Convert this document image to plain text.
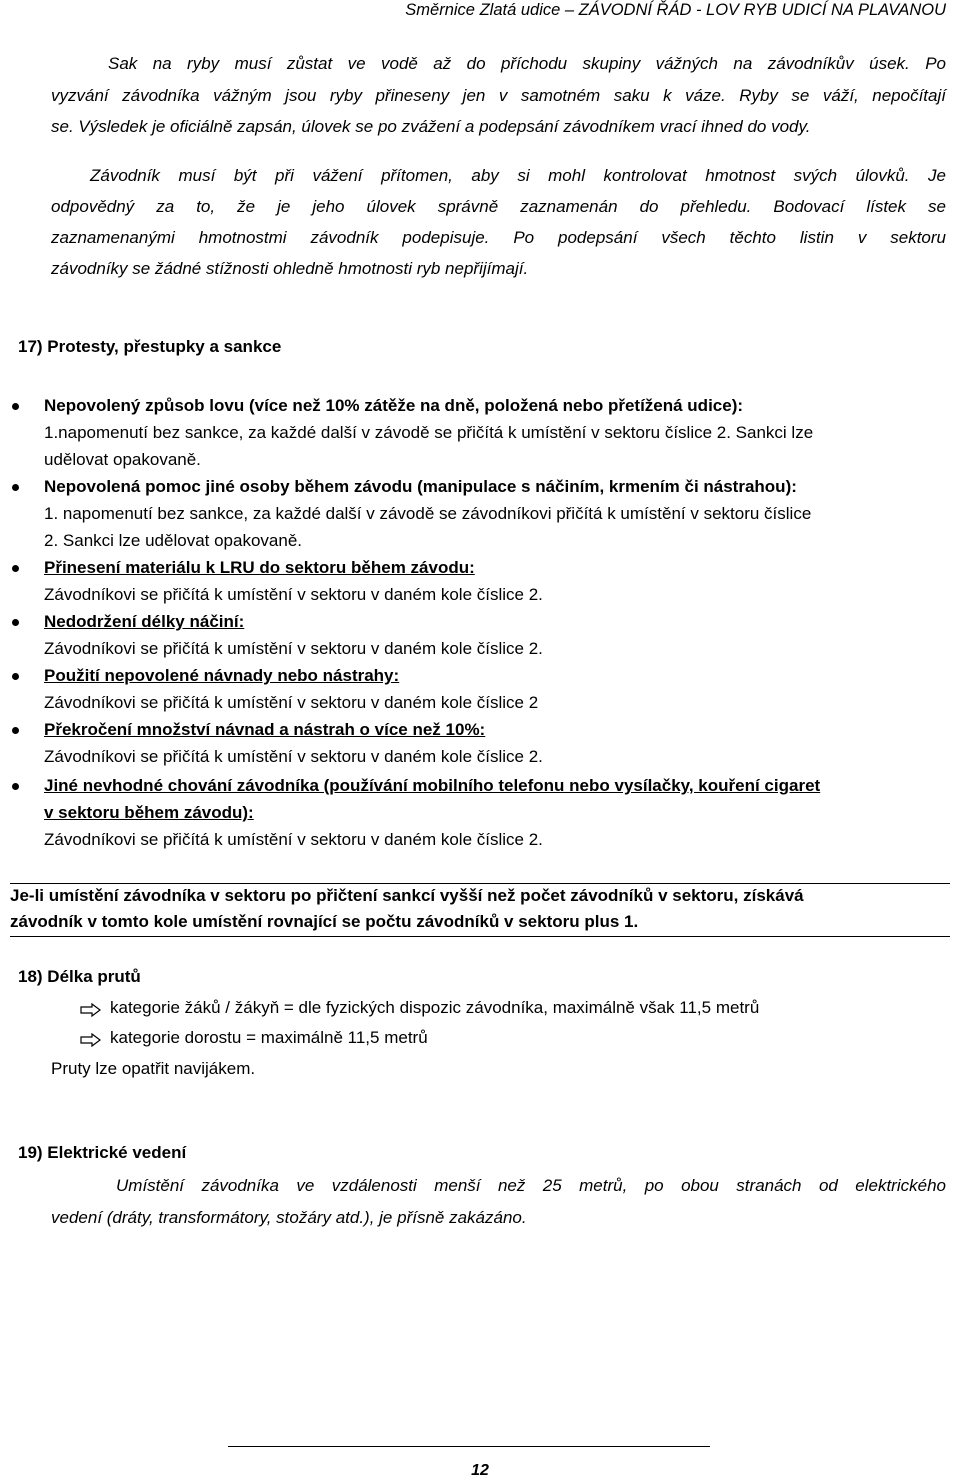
Směrnice Zlatá udice – ZÁVODNÍ ŘÁD - LOV RYB UDICÍ NA PLAVANOU
Sak na ryby musí zůstat ve vodě až do příchodu skupiny vážných na závodníkův úsek. Po
vyzvání závodníka vážným jsou ryby přineseny jen v samotném saku k váze. Ryby se váží, nepočítají
se. Výsledek je oficiálně zapsán, úlovek se po zvážení a podepsání závodníkem vrací ihned do vody.
Závodník musí být při vážení přítomen, aby si mohl kontrolovat hmotnost svých úlovků. Je
odpovědný za to, že je jeho úlovek správně zaznamenán do přehledu. Bodovací lístek se
zaznamenanými hmotnostmi závodník podepisuje. Po podepsání všech těchto listin v sektoru
závodníky se žádné stížnosti ohledně hmotnosti ryb nepřijímají.
17) Protesty, přestupky a sankce
Nepovolený způsob lovu (více než 10% zátěže na dně, položená nebo přetížená udice):
1.napomenutí bez sankce, za každé další v závodě se přičítá k umístění v sektoru číslice 2. Sankci lze
udělovat opakovaně.
Nepovolená pomoc jiné osoby během závodu (manipulace s náčiním, krmením či nástrahou):
1. napomenutí bez sankce, za každé další v závodě se závodníkovi přičítá k umístění v sektoru číslice
2. Sankci lze udělovat opakovaně.
Přinesení materiálu k LRU do sektoru během závodu:
Závodníkovi se přičítá k umístění v sektoru v daném kole číslice 2.
Nedodržení délky náčiní:
Závodníkovi se přičítá k umístění v sektoru v daném kole číslice 2.
Použití nepovolené návnady nebo nástrahy:
Závodníkovi se přičítá k umístění v sektoru v daném kole číslice 2
Překročení množství návnad a nástrah o více než 10%:
Závodníkovi se přičítá k umístění v sektoru v daném kole číslice 2.
Jiné nevhodné chování závodníka (používání mobilního telefonu nebo vysílačky, kouření cigaret
v sektoru během závodu):
Závodníkovi se přičítá k umístění v sektoru v daném kole číslice 2.
Je-li umístění závodníka v sektoru po přičtení sankcí vyšší než počet závodníků v sektoru, získává
závodník v tomto kole umístění rovnající se počtu závodníků v sektoru plus 1.
18) Délka prutů
kategorie žáků / žákyň = dle fyzických dispozic závodníka, maximálně však 11,5 metrů
kategorie dorostu = maximálně 11,5 metrů
Pruty lze opatřit navijákem.
19) Elektrické vedení
Umístění závodníka ve vzdálenosti menší než 25 metrů, po obou stranách od elektrického
vedení (dráty, transformátory, stožáry atd.), je přísně zakázáno.
12
